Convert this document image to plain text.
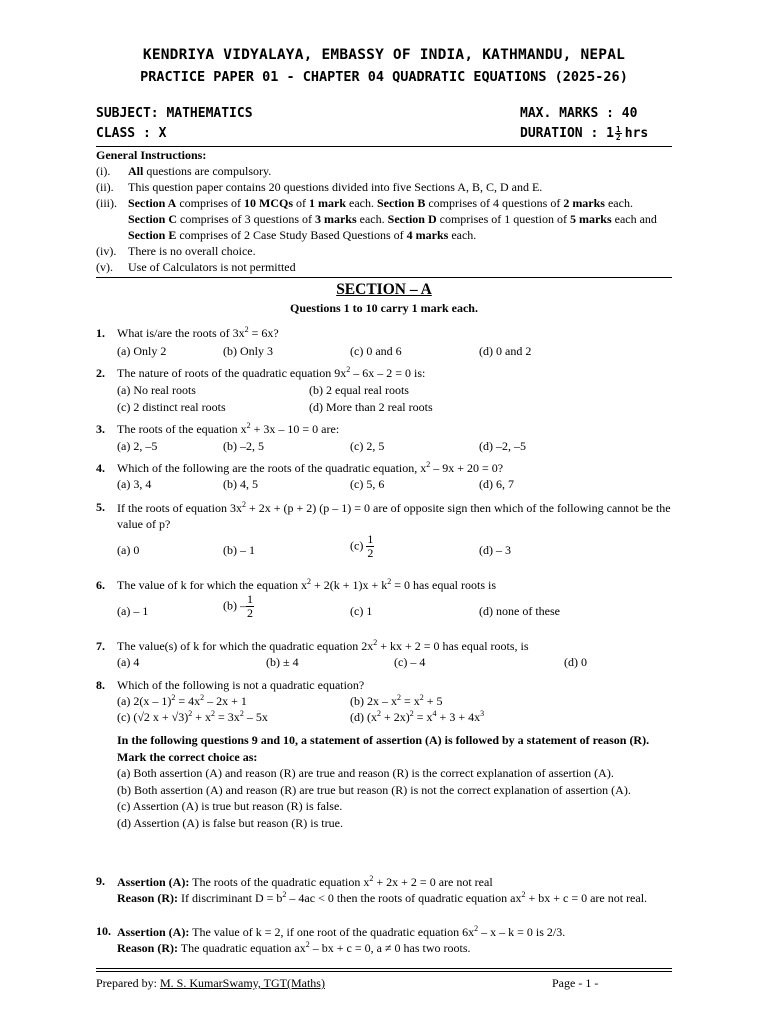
KENDRIYA VIDYALAYA, EMBASSY OF INDIA, KATHMANDU, NEPAL
PRACTICE PAPER 01 - CHAPTER 04 QUADRATIC EQUATIONS (2025-26)
SUBJECT: MATHEMATICS	MAX. MARKS : 40
CLASS : X	DURATION : $1 \frac{1}{2}$ hrs
General Instructions:
(i).	All questions are compulsory.
(ii).	This question paper contains 20 questions divided into five Sections A, B, C, D and E.
(iii). Section A comprises of 10 MCQs of 1 mark each. Section B comprises of 4 questions of 2 marks each. Section C comprises of 3 questions of 3 marks each. Section D comprises of 1 question of 5 marks each and Section E comprises of 2 Case Study Based Questions of 4 marks each.
(iv). There is no overall choice.
(v).	Use of Calculators is not permitted
SECTION – A
Questions 1 to 10 carry 1 mark each.
1. What is/are the roots of $3x^2 = 6x$?
(a) Only 2	(b) Only 3	(c) 0 and 6	(d) 0 and 2
2. The nature of roots of the quadratic equation $9x^2 - 6x - 2 = 0$ is:
(a) No real roots	(b) 2 equal real roots
(c) 2 distinct real roots	(d) More than 2 real roots
3. The roots of the equation $x^2 + 3x - 10 = 0$ are:
(a) 2, –5	(b) –2, 5	(c) 2, 5	(d) –2, –5
4. Which of the following are the roots of the quadratic equation, $x^2 - 9x + 20 = 0$?
(a) 3, 4	(b) 4, 5	(c) 5, 6	(d) 6, 7
5. If the roots of equation $3x^2 + 2x + (p + 2)$ (p – 1) = 0 are of opposite sign then which of the following cannot be the value of p?
(a) 0	(b) – 1	$(c) \frac{1}{2}$	(d) – 3
6. The value of k for which the equation $x^2 + 2(k + 1)x + k^2 = 0$ has equal roots is
(a) – 1	$(b) - \frac{1}{2}$	(c) 1	(d) none of these
7. The value(s) of k for which the quadratic equation $2x^2$ + kx + 2 = 0 has equal roots, is
(a) 4	(b) ± 4	(c) – 4	(d) 0
8. Which of the following is not a quadratic equation?
(a) $2(x - 1)^2 = 4x^2 - 2x + 1$	(b) $2x - x^2 = x^2 + 5$
(c) (√2 $x + √3)^2 + x^2 = 3x^2 - 5x$	(d) $(x^2 + 2x)^2 = x^4 + 3 + 4x^3$
In the following questions 9 and 10, a statement of assertion (A) is followed by a statement of reason (R). Mark the correct choice as:
(a) Both assertion (A) and reason (R) are true and reason (R) is the correct explanation of assertion (A).
(b) Both assertion (A) and reason (R) are true but reason (R) is not the correct explanation of assertion (A).
(c) Assertion (A) is true but reason (R) is false.
(d) Assertion (A) is false but reason (R) is true.
9. Assertion (A): The roots of the quadratic equation $x^2 + 2x + 2 = 0$ are not real
Reason (R): If discriminant $D = b^2 - 4ac < 0$ then the roots of quadratic equation $ax^2$ + bx + c = 0 are not real.
10. Assertion (A): The value of k = 2, if one root of the quadratic equation $6x^2 - x - k = 0$ is 2/3.
Reason (R): The quadratic equation $ax^2$ – bx + c = 0, a ≠ 0 has two roots.
Prepared by: M. S. KumarSwamy, TGT(Maths)	Page - 1 -
